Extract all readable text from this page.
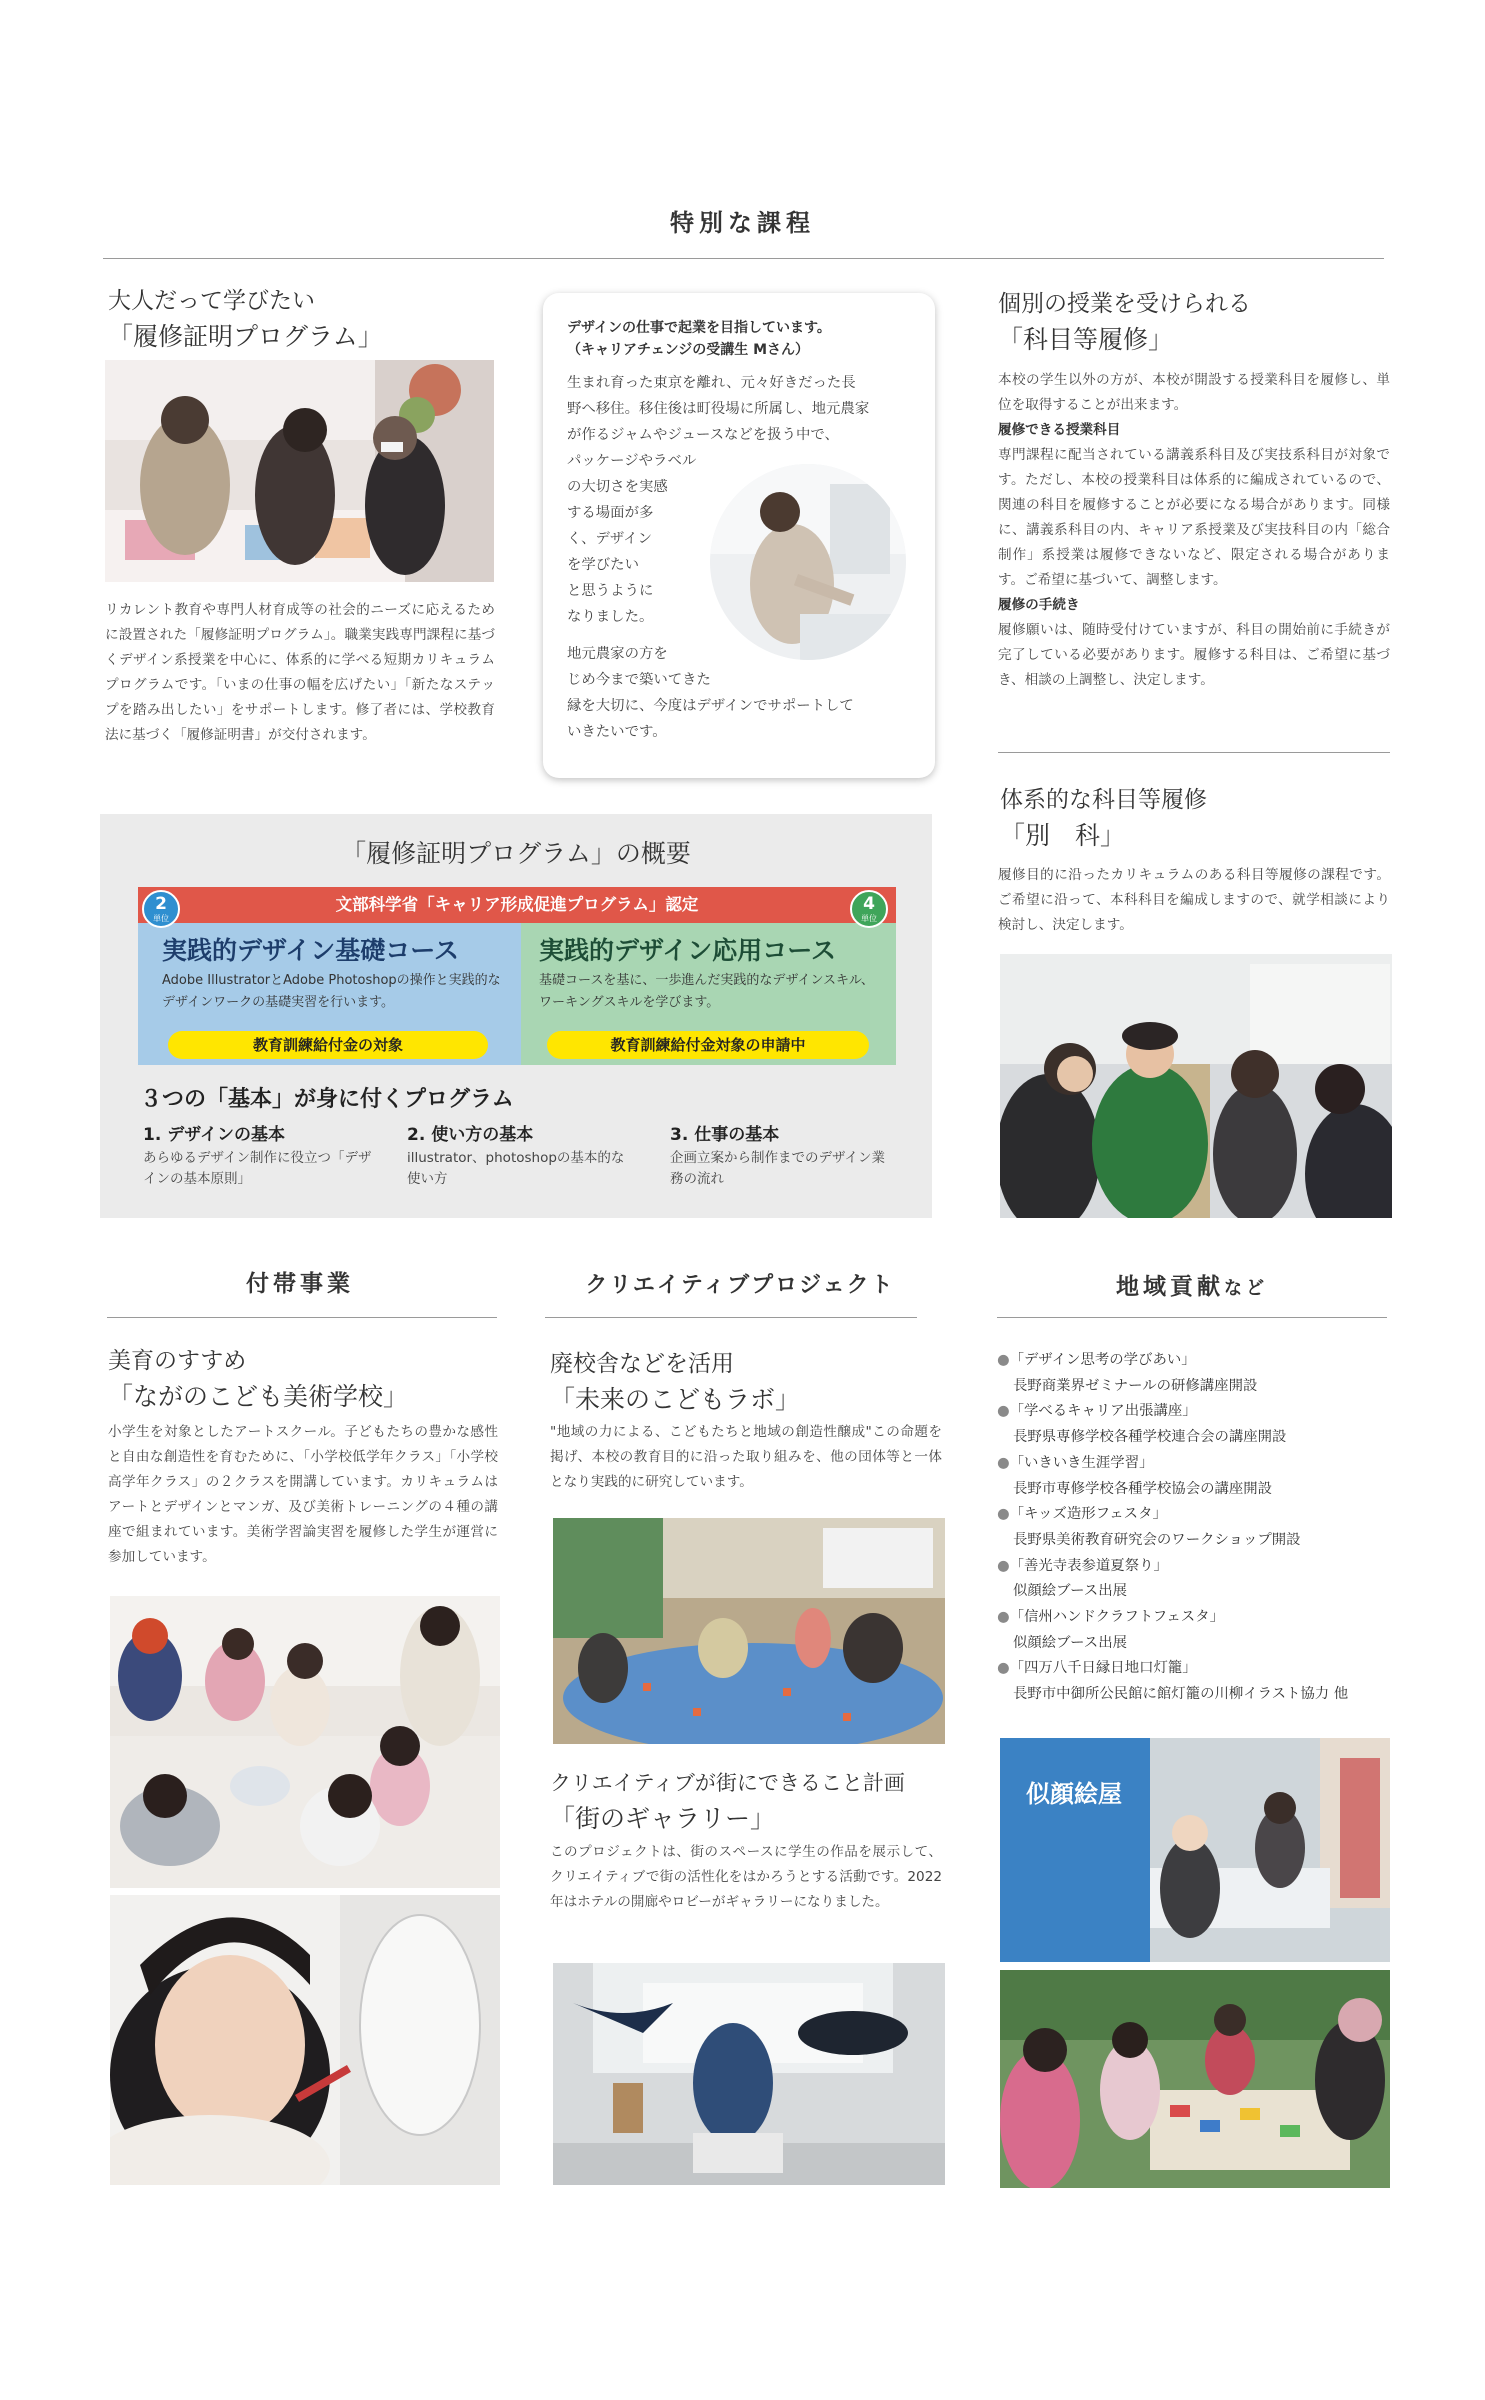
特別な課程
大人だって学びたい
「履修証明プログラム」
リカレント教育や専門人材育成等の社会的ニーズに応えるために設置された「履修証明プログラム」。職業実践専門課程に基づくデザイン系授業を中心に、体系的に学べる短期カリキュラムプログラムです。「いまの仕事の幅を広げたい」「新たなステップを踏み出したい」をサポートします。修了者には、学校教育法に基づく「履修証明書」が交付されます。
デザインの仕事で起業を目指しています。
（キャリアチェンジの受講生 Mさん）
生まれ育った東京を離れ、元々好きだった長
野へ移住。移住後は町役場に所属し、地元農家
が作るジャムやジュースなどを扱う中で、
パッケージやラベル
の大切さを実感
する場面が多
く、デザイン
を学びたい
と思うように
なりました。
地元農家の方を
じめ今まで築いてきた
縁を大切に、今度はデザインでサポートして
いきたいです。
個別の授業を受けられる
「科目等履修」
本校の学生以外の方が、本校が開設する授業科目を履修し、単位を取得することが出来ます。
履修できる授業科目
専門課程に配当されている講義系科目及び実技系科目が対象です。ただし、本校の授業科目は体系的に編成されているので、関連の科目を履修することが必要になる場合があります。同様に、講義系科目の内、キャリア系授業及び実技科目の内「総合制作」系授業は履修できないなど、限定される場合があります。ご希望に基づいて、調整します。
履修の手続き
履修願いは、随時受付けていますが、科目の開始前に手続きが完了している必要があります。履修する科目は、ご希望に基づき、相談の上調整し、決定します。
体系的な科目等履修
「別　科」
履修目的に沿ったカリキュラムのある科目等履修の課程です。ご希望に沿って、本科科目を編成しますので、就学相談により検討し、決定します。
「履修証明プログラム」の概要
文部科学省「キャリア形成促進プログラム」認定
実践的デザイン基礎コース
Adobe IllustratorとAdobe Photoshopの操作と実践的なデザインワークの基礎実習を行います。
教育訓練給付金の対象
実践的デザイン応用コース
基礎コースを基に、一歩進んだ実践的なデザインスキル、ワーキングスキルを学びます。
教育訓練給付金対象の申請中
2
単位
4
単位
３つの「基本」が身に付くプログラム
1. デザインの基本
あらゆるデザイン制作に役立つ「デザインの基本原則」
2. 使い方の基本
illustrator、photoshopの基本的な使い方
3. 仕事の基本
企画立案から制作までのデザイン業務の流れ
付帯事業	クリエイティブプロジェクト	地域貢献など
美育のすすめ
「ながのこども美術学校」
小学生を対象としたアートスクール。子どもたちの豊かな感性と自由な創造性を育むために、「小学校低学年クラス」「小学校高学年クラス」の２クラスを開講しています。カリキュラムはアートとデザインとマンガ、及び美術トレーニングの４種の講座で組まれています。美術学習論実習を履修した学生が運営に参加しています。
廃校舎などを活用
「未来のこどもラボ」
"地域の力による、こどもたちと地域の創造性醸成"この命題を掲げ、本校の教育目的に沿った取り組みを、他の団体等と一体となり実践的に研究しています。
クリエイティブが街にできること計画
「街のギャラリー」
このプロジェクトは、街のスペースに学生の作品を展示して、クリエイティブで街の活性化をはかろうとする活動です。2022年はホテルの開廊やロビーがギャラリーになりました。
●「デザイン思考の学びあい」
長野商業界ゼミナールの研修講座開設
●「学べるキャリア出張講座」
長野県専修学校各種学校連合会の講座開設
●「いきいき生涯学習」
長野市専修学校各種学校協会の講座開設
●「キッズ造形フェスタ」
長野県美術教育研究会のワークショップ開設
●「善光寺表参道夏祭り」
似顔絵ブース出展
●「信州ハンドクラフトフェスタ」
似顔絵ブース出展
●「四万八千日縁日地口灯籠」
長野市中御所公民館に館灯籠の川柳イラスト協力 他
似顔絵屋
